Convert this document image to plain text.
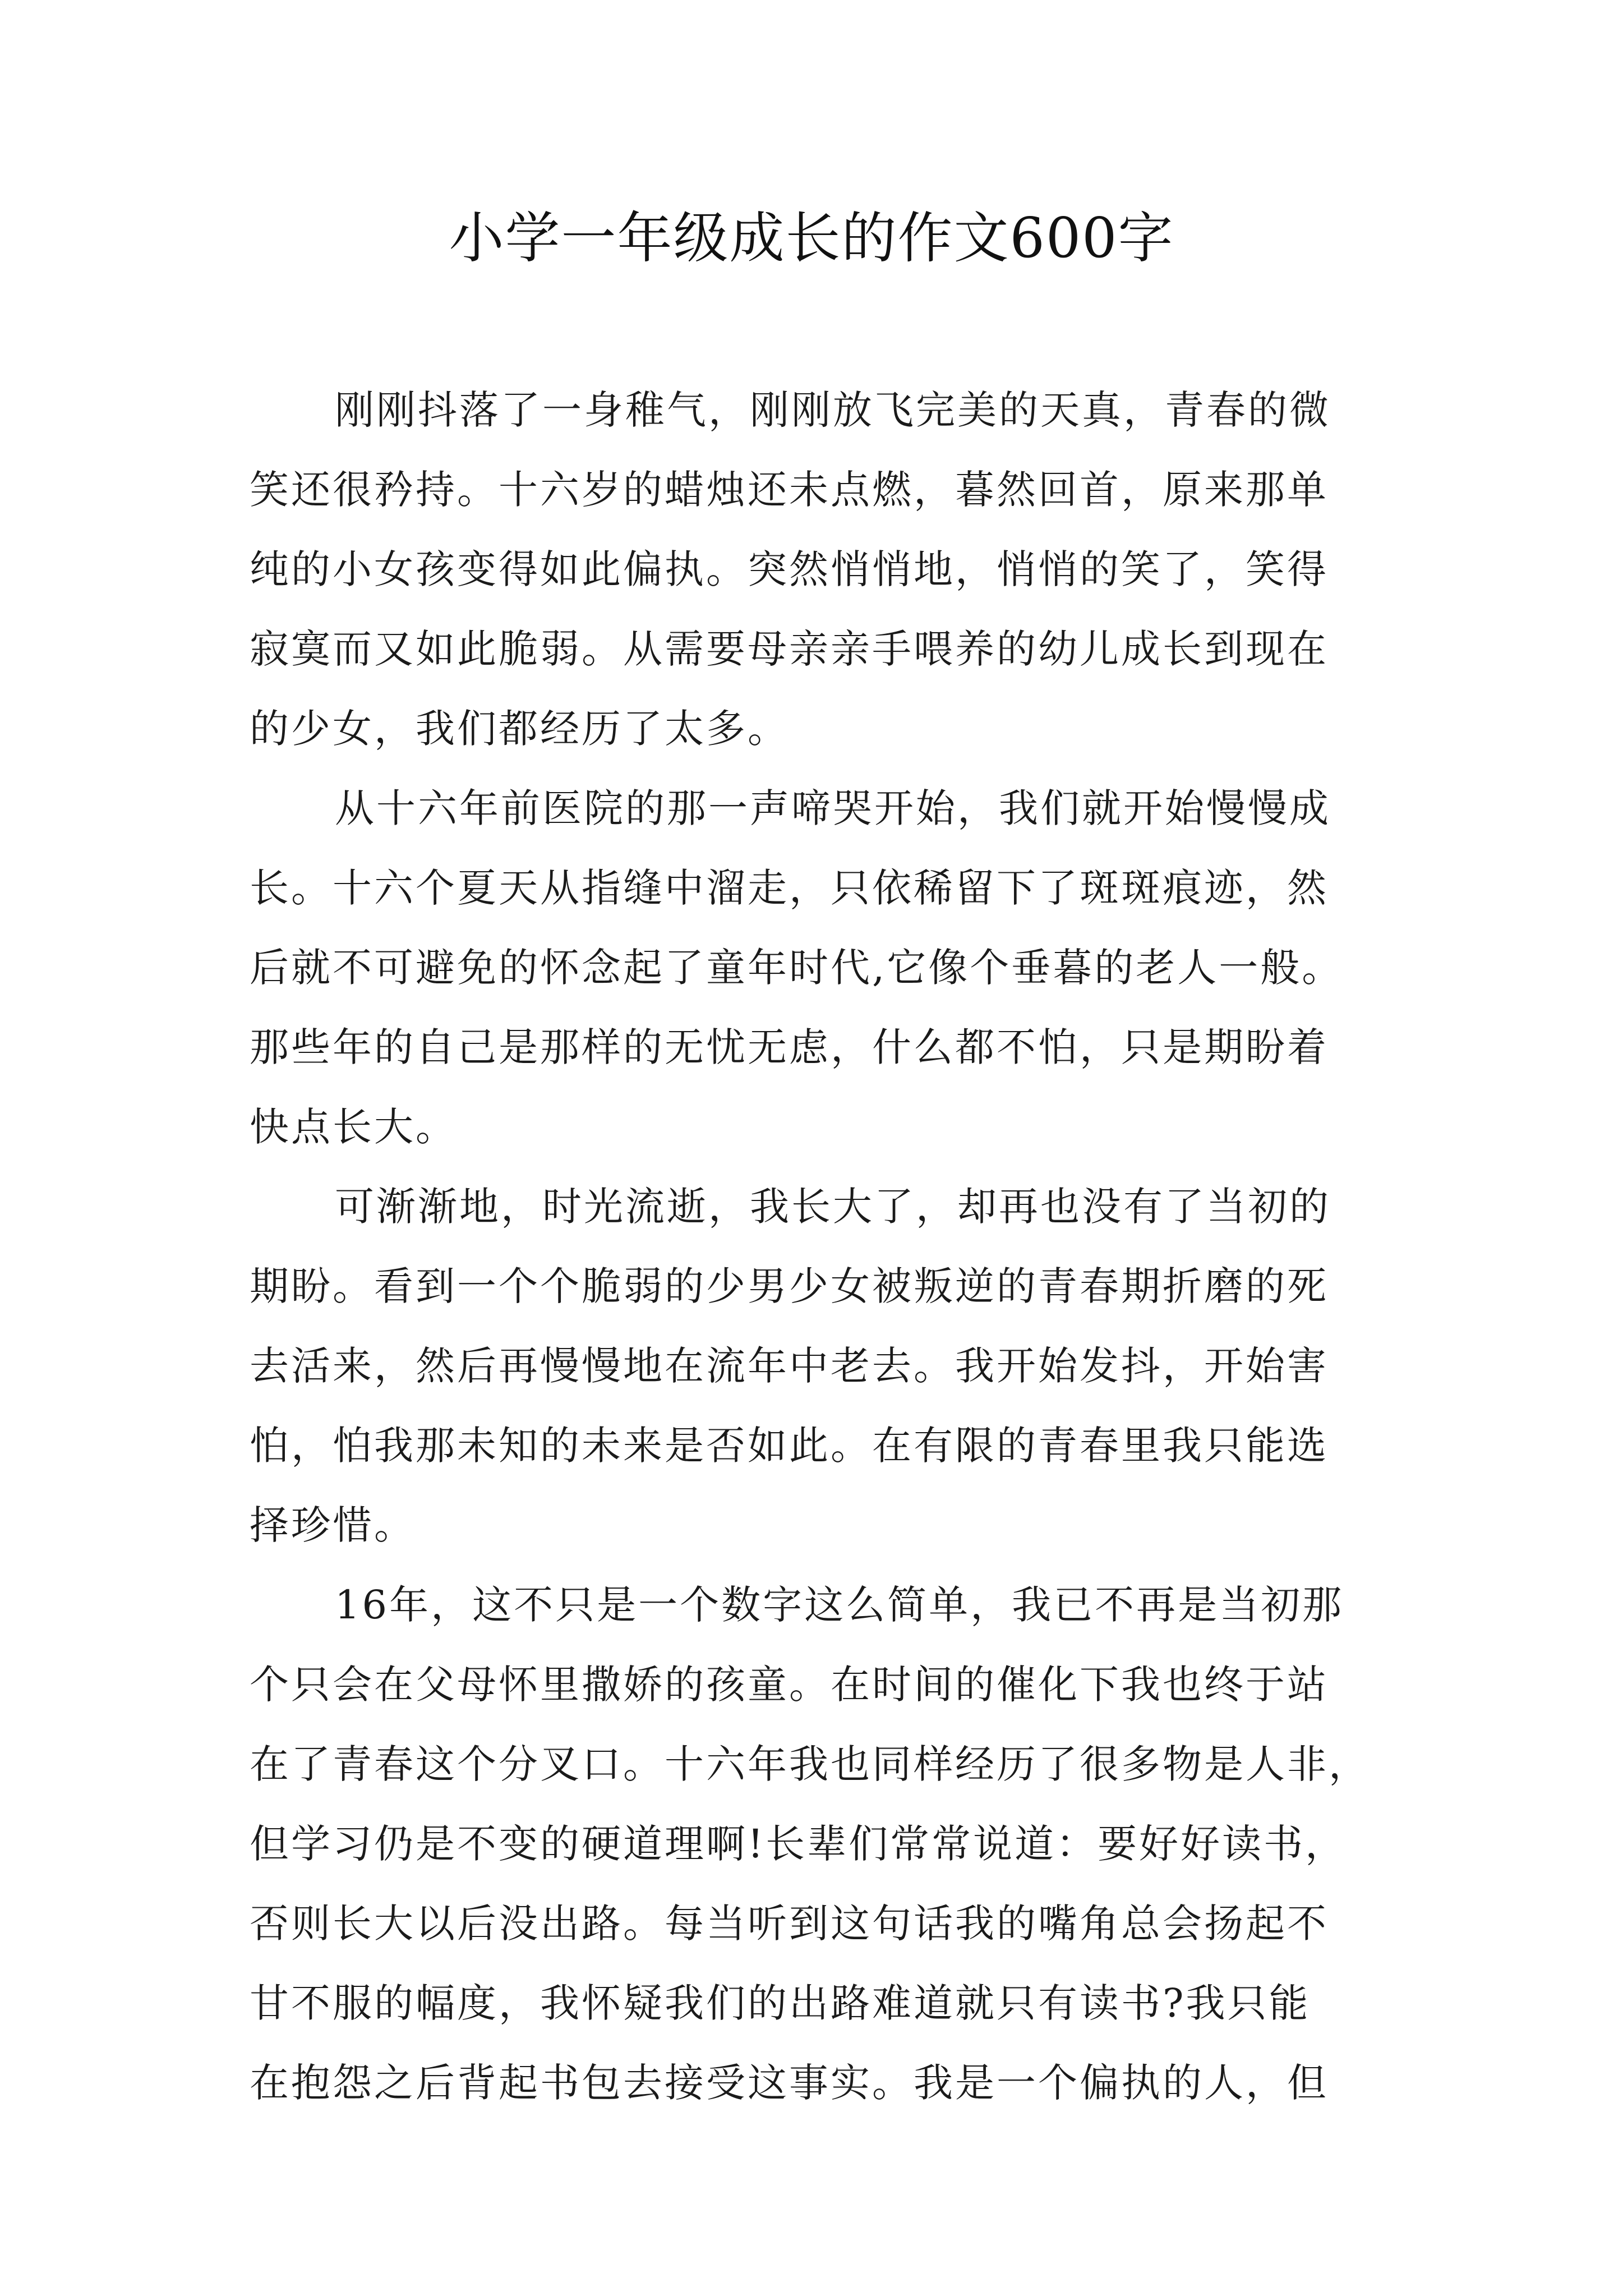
小学一年级成长的作文600字
刚刚抖落了一身稚气，刚刚放飞完美的天真，青春的微
笑还很矜持。十六岁的蜡烛还未点燃，暮然回首，原来那单
纯的小女孩变得如此偏执。突然悄悄地，悄悄的笑了，笑得
寂寞而又如此脆弱。从需要母亲亲手喂养的幼儿成长到现在
的少女，我们都经历了太多。
从十六年前医院的那一声啼哭开始，我们就开始慢慢成
长。十六个夏天从指缝中溜走，只依稀留下了斑斑痕迹，然
后就不可避免的怀念起了童年时代,它像个垂暮的老人一般。
那些年的自己是那样的无忧无虑，什么都不怕，只是期盼着
快点长大。
可渐渐地，时光流逝，我长大了，却再也没有了当初的
期盼。看到一个个脆弱的少男少女被叛逆的青春期折磨的死
去活来，然后再慢慢地在流年中老去。我开始发抖，开始害
怕，怕我那未知的未来是否如此。在有限的青春里我只能选
择珍惜。
16年，这不只是一个数字这么简单，我已不再是当初那
个只会在父母怀里撒娇的孩童。在时间的催化下我也终于站
在了青春这个分叉口。十六年我也同样经历了很多物是人非，
但学习仍是不变的硬道理啊!长辈们常常说道：要好好读书，
否则长大以后没出路。每当听到这句话我的嘴角总会扬起不
甘不服的幅度，我怀疑我们的出路难道就只有读书?我只能
在抱怨之后背起书包去接受这事实。我是一个偏执的人，但
